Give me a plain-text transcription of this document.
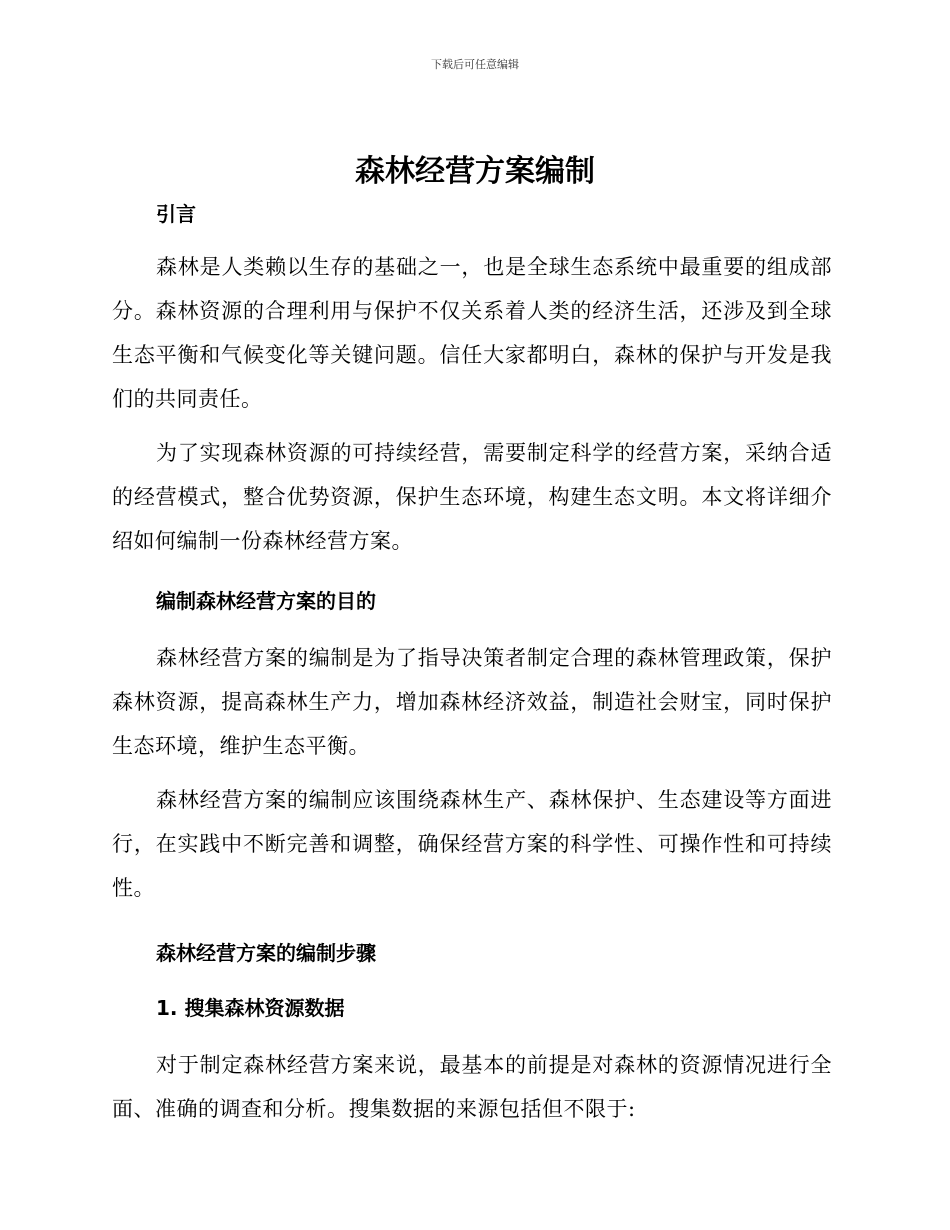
下载后可任意编辑
森林经营方案编制

引言

森林是人类赖以生存的基础之一，也是全球生态系统中最重要的组成部分。森林资源的合理利用与保护不仅关系着人类的经济生活，还涉及到全球生态平衡和气候变化等关键问题。信任大家都明白，森林的保护与开发是我们的共同责任。

为了实现森林资源的可持续经营，需要制定科学的经营方案，采纳合适的经营模式，整合优势资源，保护生态环境，构建生态文明。本文将详细介绍如何编制一份森林经营方案。

编制森林经营方案的目的

森林经营方案的编制是为了指导决策者制定合理的森林管理政策，保护森林资源，提高森林生产力，增加森林经济效益，制造社会财宝，同时保护生态环境，维护生态平衡。

森林经营方案的编制应该围绕森林生产、森林保护、生态建设等方面进行，在实践中不断完善和调整，确保经营方案的科学性、可操作性和可持续性。

森林经营方案的编制步骤

1. 搜集森林资源数据

对于制定森林经营方案来说，最基本的前提是对森林的资源情况进行全面、准确的调查和分析。搜集数据的来源包括但不限于:
